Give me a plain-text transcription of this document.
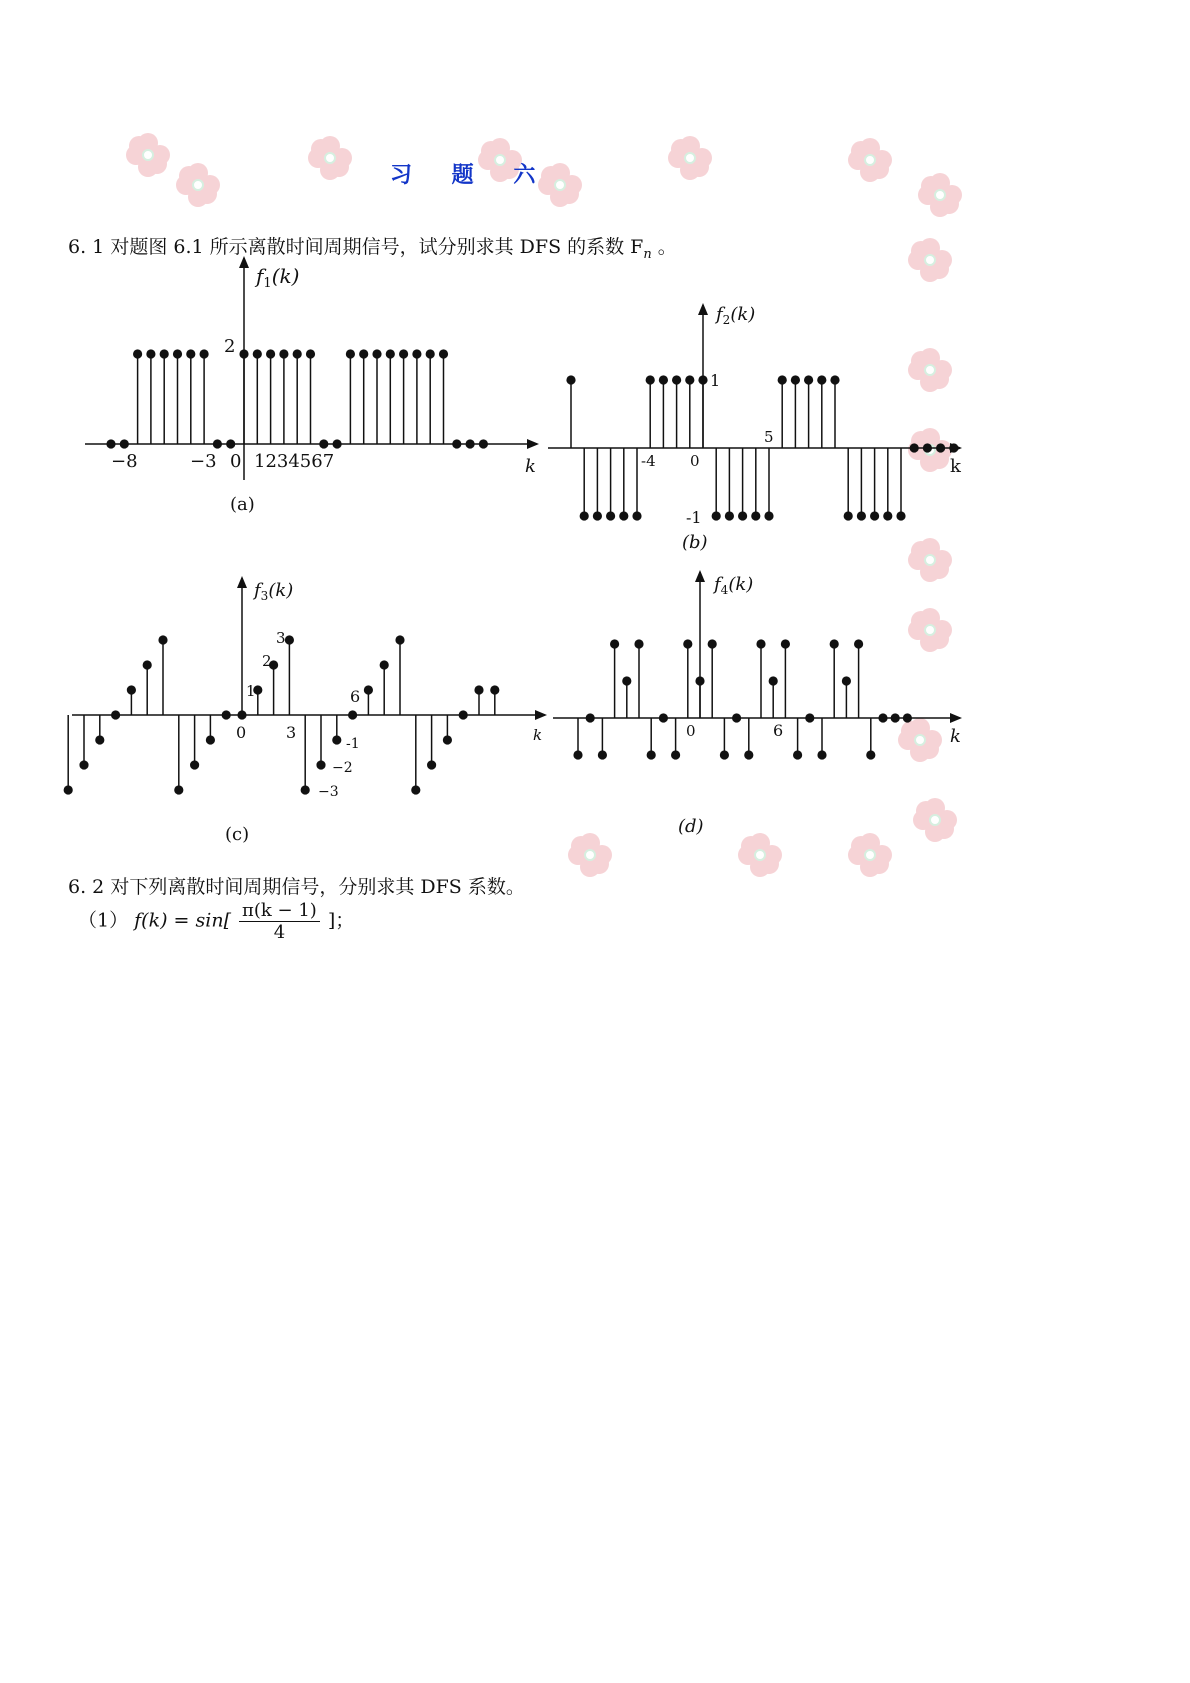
习 题 六

6. 1 对题图 6.1 所示离散时间周期信号，试分别求其 DFS 的系数 $F_n$ 。

$f_1(k)$
2
−8	−3 0 1234567	k
(a)
$f_2(k)$
1
-1
-4 0
5
k
(b)
$f_3(k)$
1
2
3
-1
−2
−3
0 3
6
k
(c)
$f_4(k)$
0	6	k
(d)

6. 2 对下列离散时间周期信号，分别求其 DFS 系数。

（1） $f(k) = \sin[ \frac{\pi(k - 1)}{4}$ ]；
